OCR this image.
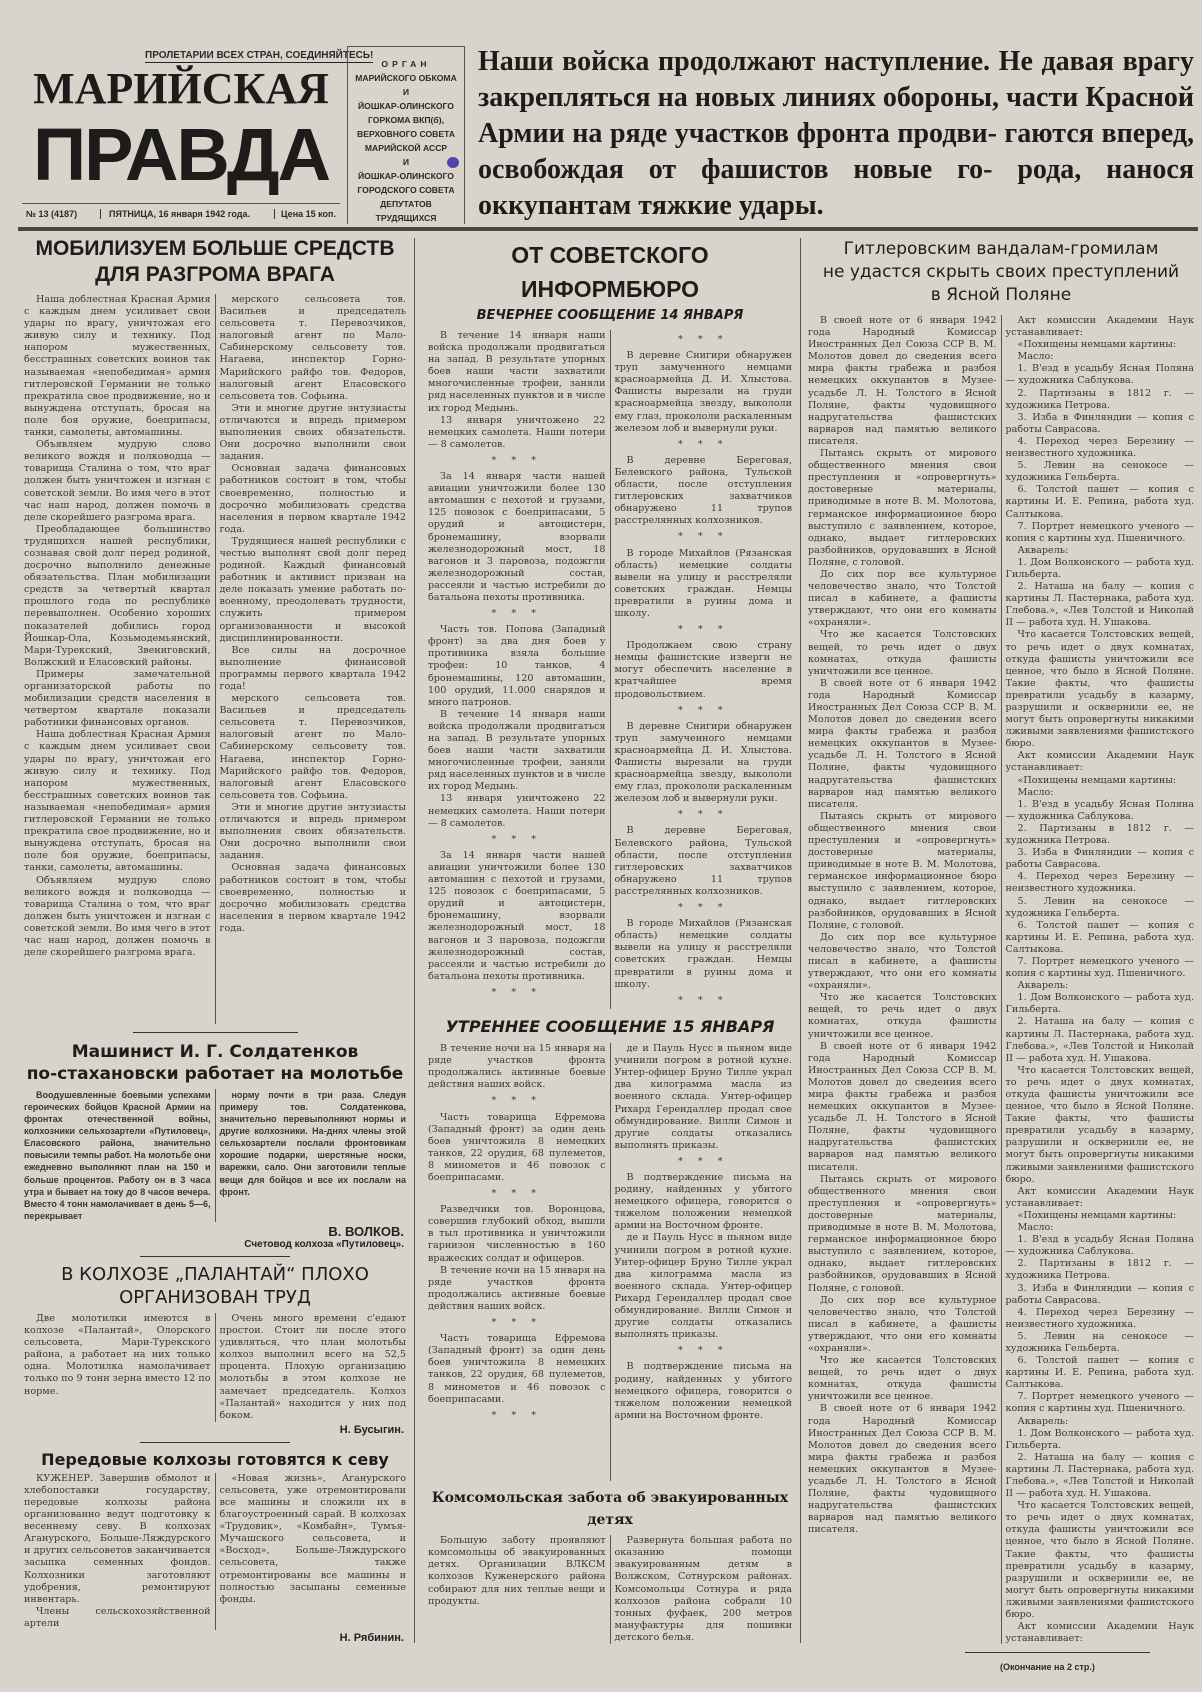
ПРОЛЕТАРИИ ВСЕХ СТРАН, СОЕДИНЯЙТЕСЬ!
МАРИЙСКАЯ
ПРАВДА
№ 13 (4187)	ПЯТНИЦА, 16 января 1942 года.	Цена 15 коп.
ОРГАН
МАРИЙСКОГО ОБКОМА
И
ЙОШКАР-ОЛИНСКОГО
ГОРКОМА ВКП(б),
ВЕРХОВНОГО СОВЕТА
МАРИЙСКОЙ АССР
И
ЙОШКАР-ОЛИНСКОГО
ГОРОДСКОГО СОВЕТА
ДЕПУТАТОВ
ТРУДЯЩИХСЯ
Наши войска продолжают наступление. Не давая врагу закрепляться на новых линиях обороны, части Красной Армии на ряде участков фронта продви- гаются вперед, освобождая от фашистов новые го- рода, нанося оккупантам тяжкие удары.
МОБИЛИЗУЕМ БОЛЬШЕ СРЕДСТВ
ДЛЯ РАЗГРОМА ВРАГА

Наша доблестная Красная Армия с каждым днем усиливает свои удары по врагу, уничтожая его живую силу и технику. Под напором мужественных, бесстрашных советских воинов так называемая «непобедимая» армия гитлеровской Германии не только прекратила свое продвижение, но и вынуждена отступать, бросая на поле боя оружие, боеприпасы, танки, самолеты, автомашины.

Объявляем мудрую слово великого вождя и полководца — товарища Сталина о том, что враг должен быть уничтожен и изгнан с советской земли. Во имя чего в этот час наш народ, должен помочь в деле скорейшего разгрома врага.

Преобладающее большинство трудящихся нашей республики, сознавая свой долг перед родиной, досрочно выполнило денежные обязательства. План мобилизации средств за четвертый квартал прошлого года по республике перевыполнен. Особенно хороших показателей добились город Йошкар-Ола, Козьмодемьянский, Мари-Турекский, Звениговский, Волжский и Еласовский районы.

Примеры замечательной организаторской работы по мобилизации средств населения в четвертом квартале показали работники финансовых органов.

Наша доблестная Красная Армия с каждым днем усиливает свои удары по врагу, уничтожая его живую силу и технику. Под напором мужественных, бесстрашных советских воинов так называемая «непобедимая» армия гитлеровской Германии не только прекратила свое продвижение, но и вынуждена отступать, бросая на поле боя оружие, боеприпасы, танки, самолеты, автомашины.

Объявляем мудрую слово великого вождя и полководца — товарища Сталина о том, что враг должен быть уничтожен и изгнан с советской земли. Во имя чего в этот час наш народ, должен помочь в деле скорейшего разгрома врага.

мерского сельсовета тов. Васильев и председатель сельсовета т. Перевозчиков, налоговый агент по Мало-Сабинерскому сельсовету тов. Нагаева, инспектор Горно-Марийского райфо тов. Федоров, налоговый агент Еласовского сельсовета тов. Софьина.

Эти и многие другие энтузиасты отличаются и впредь примером выполнения своих обязательств. Они досрочно выполнили свои задания.

Основная задача финансовых работников состоит в том, чтобы своевременно, полностью и досрочно мобилизовать средства населения в первом квартале 1942 года.

Трудящиеся нашей республики с честью выполнят свой долг перед родиной. Каждый финансовый работник и активист призван на деле показать умение работать по-военному, преодолевать трудности, служить примером организованности и высокой дисциплинированности.

Все силы на досрочное выполнение финансовой программы первого квартала 1942 года!

мерского сельсовета тов. Васильев и председатель сельсовета т. Перевозчиков, налоговый агент по Мало-Сабинерскому сельсовету тов. Нагаева, инспектор Горно-Марийского райфо тов. Федоров, налоговый агент Еласовского сельсовета тов. Софьина.

Эти и многие другие энтузиасты отличаются и впредь примером выполнения своих обязательств. Они досрочно выполнили свои задания.

Основная задача финансовых работников состоит в том, чтобы своевременно, полностью и досрочно мобилизовать средства населения в первом квартале 1942 года.

Машинист И. Г. Солдатенков
по-стахановски работает на молотьбе

Воодушевленные боевыми успехами героических бойцов Красной Армии на фронтах отечественной войны, колхозники сельхозартели «Путиловец», Еласовского района, значительно повысили темпы работ. На молотьбе они ежедневно выполняют план на 150 и больше процентов. Работу он в 3 часа утра и бывает на току до 8 часов вечера. Вместо 4 тонн намолачивает в день 5—6, перекрывает

норму почти в три раза. Следуя примеру тов. Солдатенкова, значительно перевыполняют нормы и другие колхозники. На-днях члены этой сельхозартели послали фронтовикам хорошие подарки, шерстяные носки, варежки, сало. Они заготовили теплые вещи для бойцов и все их послали на фронт.

В. ВОЛКОВ.
Счетовод колхоза «Путиловец».
В КОЛХОЗЕ „ПАЛАНТАЙ“ ПЛОХО
ОРГАНИЗОВАН ТРУД

Две молотилки имеются в колхозе «Палантай», Олорского сельсовета, Мари-Турекского района, а работает на них только одна. Молотилка намолачивает только по 9 тонн зерна вместо 12 по норме.

Очень много времени с'едают простои. Стоит ли после этого удивляться, что план молотьбы колхоз выполнил всего на 52,5 процента. Плохую организацию молотьбы в этом колхозе не замечает председатель. Колхоз «Палантай» находится у них под боком.

Н. Бусыгин.
Передовые колхозы готовятся к севу

КУЖЕНЕР. Завершив обмолот и хлебопоставки государству, передовые колхозы района организованно ведут подготовку к весеннему севу. В колхозах Агануpского, Больше-Ляждурского и других сельсоветов заканчивается засыпка семенных фондов. Колхозники заготовляют удобрения, ремонтируют инвентарь.

Члены сельскохозяйственной артели

«Новая жизнь», Агануpского сельсовета, уже отремонтировали все машины и сложили их в благоустроенный сарай. В колхозах «Трудовик», «Комбайн», Тумъя-Мучашского сельсовета, и «Восход», Больше-Ляждурского сельсовета, также отремонтированы все машины и полностью засыпаны семенные фонды.

Н. Рябинин.
ОТ СОВЕТСКОГО ИНФОРМБЮРО
ВЕЧЕРНЕЕ СООБЩЕНИЕ 14 ЯНВАРЯ

В течение 14 января наши войска продолжали продвигаться на запад. В результате упорных боев наши части захватили многочисленные трофеи, заняли ряд населенных пунктов и в числе их город Медынь.

13 января уничтожено 22 немецких самолета. Наши потери — 8 самолетов.

* * *

За 14 января части нашей авиации уничтожили более 130 автомашин с пехотой и грузами, 125 повозок с боеприпасами, 5 орудий и автоцистерн, бронемашину, взорвали железнодорожный мост, 18 вагонов и 3 паровоза, подожгли железнодорожный состав, рассеяли и частью истребили до батальона пехоты противника.

* * *

Часть тов. Попова (Западный фронт) за два дня боев у противника взяла большие трофеи: 10 танков, 4 бронемашины, 120 автомашин, 100 орудий, 11.000 снарядов и много патронов.

В течение 14 января наши войска продолжали продвигаться на запад. В результате упорных боев наши части захватили многочисленные трофеи, заняли ряд населенных пунктов и в числе их город Медынь.

13 января уничтожено 22 немецких самолета. Наши потери — 8 самолетов.

* * *

За 14 января части нашей авиации уничтожили более 130 автомашин с пехотой и грузами, 125 повозок с боеприпасами, 5 орудий и автоцистерн, бронемашину, взорвали железнодорожный мост, 18 вагонов и 3 паровоза, подожгли железнодорожный состав, рассеяли и частью истребили до батальона пехоты противника.

* * *

* * *

В деревне Снигири обнаружен труп замученного немцами красноармейца Д. И. Хлыстова. Фашисты вырезали на груди красноармейца звезду, выкололи ему глаз, прокололи раскаленным железом лоб и вывернули руки.

* * *

В деревне Береговая, Белевского района, Тульской области, после отступления гитлеровских захватчиков обнаружено 11 трупов расстрелянных колхозников.

* * *

В городе Михайлов (Рязанская область) немецкие солдаты вывели на улицу и расстреляли советских граждан. Немцы превратили в руины дома и школу.

* * *

Продолжаем свою страну немцы фашистские изверги не могут обеспечить население в кратчайшее время продовольствием.

* * *

В деревне Снигири обнаружен труп замученного немцами красноармейца Д. И. Хлыстова. Фашисты вырезали на груди красноармейца звезду, выкололи ему глаз, прокололи раскаленным железом лоб и вывернули руки.

* * *

В деревне Береговая, Белевского района, Тульской области, после отступления гитлеровских захватчиков обнаружено 11 трупов расстрелянных колхозников.

* * *

В городе Михайлов (Рязанская область) немецкие солдаты вывели на улицу и расстреляли советских граждан. Немцы превратили в руины дома и школу.

* * *

УТРЕННЕЕ СООБЩЕНИЕ 15 ЯНВАРЯ

В течение ночи на 15 января на ряде участков фронта продолжались активные боевые действия наших войск.

* * *

Часть товарища Ефремова (Западный фронт) за один день боев уничтожила 8 немецких танков, 22 орудия, 68 пулеметов, 8 минометов и 46 повозок с боеприпасами.

* * *

Разведчики тов. Воронцова, совершив глубокий обход, вышли в тыл противника и уничтожили гарнизон численностью в 160 вражеских солдат и офицеров.

В течение ночи на 15 января на ряде участков фронта продолжались активные боевые действия наших войск.

* * *

Часть товарища Ефремова (Западный фронт) за один день боев уничтожила 8 немецких танков, 22 орудия, 68 пулеметов, 8 минометов и 46 повозок с боеприпасами.

* * *

де и Пауль Нусс в пьяном виде учинили погром в ротной кухне. Унтер-офицер Бруно Тилле украл два килограмма масла из военного склада. Унтер-офицер Рихард Герендаллер продал свое обмундирование. Вилли Симон и другие солдаты отказались выполнять приказы.

* * *

В подтверждение письма на родину, найденных у убитого немецкого офицера, говорится о тяжелом положении немецкой армии на Восточном фронте.

де и Пауль Нусс в пьяном виде учинили погром в ротной кухне. Унтер-офицер Бруно Тилле украл два килограмма масла из военного склада. Унтер-офицер Рихард Герендаллер продал свое обмундирование. Вилли Симон и другие солдаты отказались выполнять приказы.

* * *

В подтверждение письма на родину, найденных у убитого немецкого офицера, говорится о тяжелом положении немецкой армии на Восточном фронте.

Комсомольская забота об эвакуированных детях

Большую заботу проявляют комсомольцы об эвакуированных детях. Организации ВЛКСМ колхозов Куженерского района собирают для них теплые вещи и продукты.

Развернута большая работа по оказанию помощи эвакуированным детям в Волжском, Сотнурском районах. Комсомольцы Сотнура и ряда колхозов района собрали 10 тонных фуфаек, 200 метров мануфактуры для пошивки детского белья.

Гитлеровским вандалам-громилам
не удастся скрыть своих преступлений
в Ясной Поляне

В своей ноте от 6 января 1942 года Народный Комиссар Иностранных Дел Союза ССР В. М. Молотов довел до сведения всего мира факты грабежа и разбоя немецких оккупантов в Музее-усадьбе Л. Н. Толстого в Ясной Поляне, факты чудовищного надругательства фашистских варваров над памятью великого писателя.

Пытаясь скрыть от мирового общественного мнения свои преступления и «опровергнуть» достоверные материалы, приводимые в ноте В. М. Молотова, германское информационное бюро выступило с заявлением, которое, однако, выдает гитлеровских разбойников, орудовавших в Ясной Поляне, с головой.

До сих пор все культурное человечество знало, что Толстой писал в кабинете, а фашисты утверждают, что они его комнаты «охраняли».

Что же касается Толстовских вещей, то речь идет о двух комнатах, откуда фашисты уничтожили все ценное.

В своей ноте от 6 января 1942 года Народный Комиссар Иностранных Дел Союза ССР В. М. Молотов довел до сведения всего мира факты грабежа и разбоя немецких оккупантов в Музее-усадьбе Л. Н. Толстого в Ясной Поляне, факты чудовищного надругательства фашистских варваров над памятью великого писателя.

Пытаясь скрыть от мирового общественного мнения свои преступления и «опровергнуть» достоверные материалы, приводимые в ноте В. М. Молотова, германское информационное бюро выступило с заявлением, которое, однако, выдает гитлеровских разбойников, орудовавших в Ясной Поляне, с головой.

До сих пор все культурное человечество знало, что Толстой писал в кабинете, а фашисты утверждают, что они его комнаты «охраняли».

Что же касается Толстовских вещей, то речь идет о двух комнатах, откуда фашисты уничтожили все ценное.

В своей ноте от 6 января 1942 года Народный Комиссар Иностранных Дел Союза ССР В. М. Молотов довел до сведения всего мира факты грабежа и разбоя немецких оккупантов в Музее-усадьбе Л. Н. Толстого в Ясной Поляне, факты чудовищного надругательства фашистских варваров над памятью великого писателя.

Пытаясь скрыть от мирового общественного мнения свои преступления и «опровергнуть» достоверные материалы, приводимые в ноте В. М. Молотова, германское информационное бюро выступило с заявлением, которое, однако, выдает гитлеровских разбойников, орудовавших в Ясной Поляне, с головой.

До сих пор все культурное человечество знало, что Толстой писал в кабинете, а фашисты утверждают, что они его комнаты «охраняли».

Что же касается Толстовских вещей, то речь идет о двух комнатах, откуда фашисты уничтожили все ценное.

В своей ноте от 6 января 1942 года Народный Комиссар Иностранных Дел Союза ССР В. М. Молотов довел до сведения всего мира факты грабежа и разбоя немецких оккупантов в Музее-усадьбе Л. Н. Толстого в Ясной Поляне, факты чудовищного надругательства фашистских варваров над памятью великого писателя.

Акт комиссии Академии Наук устанавливает:

«Похищены немцами картины:

Масло:

1. В'езд в усадьбу Ясная Поляна — художника Саблукова.

2. Партизаны в 1812 г. — художника Петрова.

3. Изба в Финляндии — копия с работы Саврасова.

4. Переход через Березину — неизвестного художника.

5. Левин на сенокосе — художника Гельберта.

6. Толстой пашет — копия с картины И. Е. Репина, работа худ. Салтыкова.

7. Портрет немецкого ученого — копия с картины худ. Пшеничного.

Акварель:

1. Дом Волконского — работа худ. Гильберта.

2. Наташа на балу — копия с картины Л. Пастернака, работа худ. Глебова.», «Лев Толстой и Николай II — работа худ. Н. Ушакова.

Что касается Толстовских вещей, то речь идет о двух комнатах, откуда фашисты уничтожили все ценное, что было в Ясной Поляне. Такие факты, что фашисты превратили усадьбу в казарму, разрушили и осквернили ее, не могут быть опровергнуты никакими лживыми заявлениями фашистского бюро.

Акт комиссии Академии Наук устанавливает:

«Похищены немцами картины:

Масло:

1. В'езд в усадьбу Ясная Поляна — художника Саблукова.

2. Партизаны в 1812 г. — художника Петрова.

3. Изба в Финляндии — копия с работы Саврасова.

4. Переход через Березину — неизвестного художника.

5. Левин на сенокосе — художника Гельберта.

6. Толстой пашет — копия с картины И. Е. Репина, работа худ. Салтыкова.

7. Портрет немецкого ученого — копия с картины худ. Пшеничного.

Акварель:

1. Дом Волконского — работа худ. Гильберта.

2. Наташа на балу — копия с картины Л. Пастернака, работа худ. Глебова.», «Лев Толстой и Николай II — работа худ. Н. Ушакова.

Что касается Толстовских вещей, то речь идет о двух комнатах, откуда фашисты уничтожили все ценное, что было в Ясной Поляне. Такие факты, что фашисты превратили усадьбу в казарму, разрушили и осквернили ее, не могут быть опровергнуты никакими лживыми заявлениями фашистского бюро.

Акт комиссии Академии Наук устанавливает:

«Похищены немцами картины:

Масло:

1. В'езд в усадьбу Ясная Поляна — художника Саблукова.

2. Партизаны в 1812 г. — художника Петрова.

3. Изба в Финляндии — копия с работы Саврасова.

4. Переход через Березину — неизвестного художника.

5. Левин на сенокосе — художника Гельберта.

6. Толстой пашет — копия с картины И. Е. Репина, работа худ. Салтыкова.

7. Портрет немецкого ученого — копия с картины худ. Пшеничного.

Акварель:

1. Дом Волконского — работа худ. Гильберта.

2. Наташа на балу — копия с картины Л. Пастернака, работа худ. Глебова.», «Лев Толстой и Николай II — работа худ. Н. Ушакова.

Что касается Толстовских вещей, то речь идет о двух комнатах, откуда фашисты уничтожили все ценное, что было в Ясной Поляне. Такие факты, что фашисты превратили усадьбу в казарму, разрушили и осквернили ее, не могут быть опровергнуты никакими лживыми заявлениями фашистского бюро.

Акт комиссии Академии Наук устанавливает:

(Окончание на 2 стр.)
